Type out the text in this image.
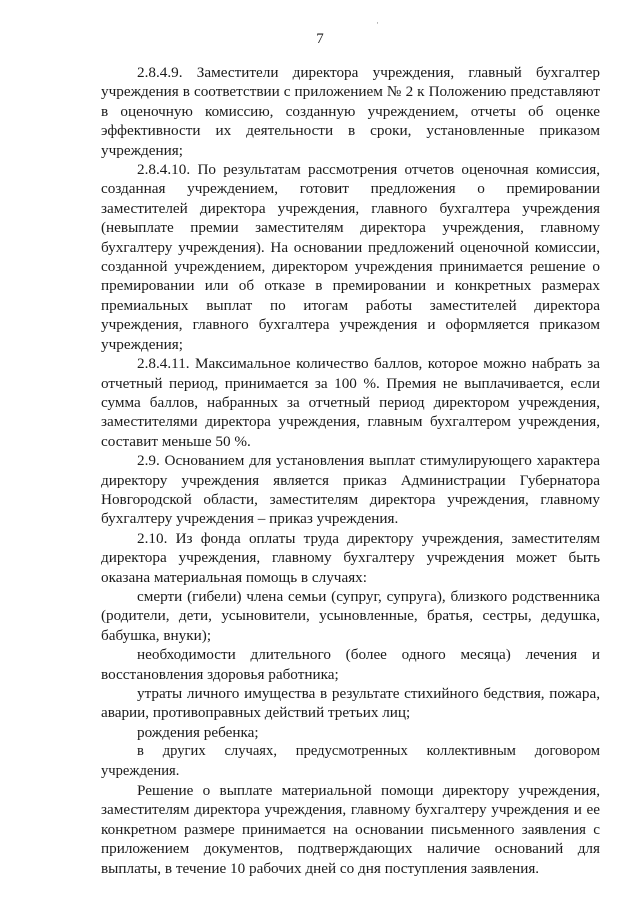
·
7

2.8.4.9. Заместители директора учреждения, главный бухгалтер учреждения в соответствии с приложением № 2 к Положению представляют в оценочную комиссию, созданную учреждением, отчеты об оценке эффективности их деятельности в сроки, установленные приказом учреждения;

2.8.4.10. По результатам рассмотрения отчетов оценочная комиссия, созданная учреждением, готовит предложения о премировании заместителей директора учреждения, главного бухгалтера учреждения (невыплате премии заместителям директора учреждения, главному бухгалтеру учреждения). На основании предложений оценочной комиссии, созданной учреждением, директором учреждения принимается решение о премировании или об отказе в премировании и конкретных размерах премиальных выплат по итогам работы заместителей директора учреждения, главного бухгалтера учреждения и оформляется приказом учреждения;

2.8.4.11. Максимальное количество баллов, которое можно набрать за отчетный период, принимается за 100 %. Премия не выплачивается, если сумма баллов, набранных за отчетный период директором учреждения, заместителями директора учреждения, главным бухгалтером учреждения, составит меньше 50 %.

2.9. Основанием для установления выплат стимулирующего характера директору учреждения является приказ Администрации Губернатора Новгородской области, заместителям директора учреждения, главному бухгалтеру учреждения – приказ учреждения.

2.10. Из фонда оплаты труда директору учреждения, заместителям директора учреждения, главному бухгалтеру учреждения может быть оказана материальная помощь в случаях:

смерти (гибели) члена семьи (супруг, супруга), близкого родственника (родители, дети, усыновители, усыновленные, братья, сестры, дедушка, бабушка, внуки);

необходимости длительного (более одного месяца) лечения и восстановления здоровья работника;

утраты личного имущества в результате стихийного бедствия, пожара, аварии, противоправных действий третьих лиц;

рождения ребенка;

в других случаях, предусмотренных коллективным договором учреждения.

Решение о выплате материальной помощи директору учреждения, заместителям директора учреждения, главному бухгалтеру учреждения и ее конкретном размере принимается на основании письменного заявления с приложением документов, подтверждающих наличие оснований для выплаты, в течение 10 рабочих дней со дня поступления заявления.
